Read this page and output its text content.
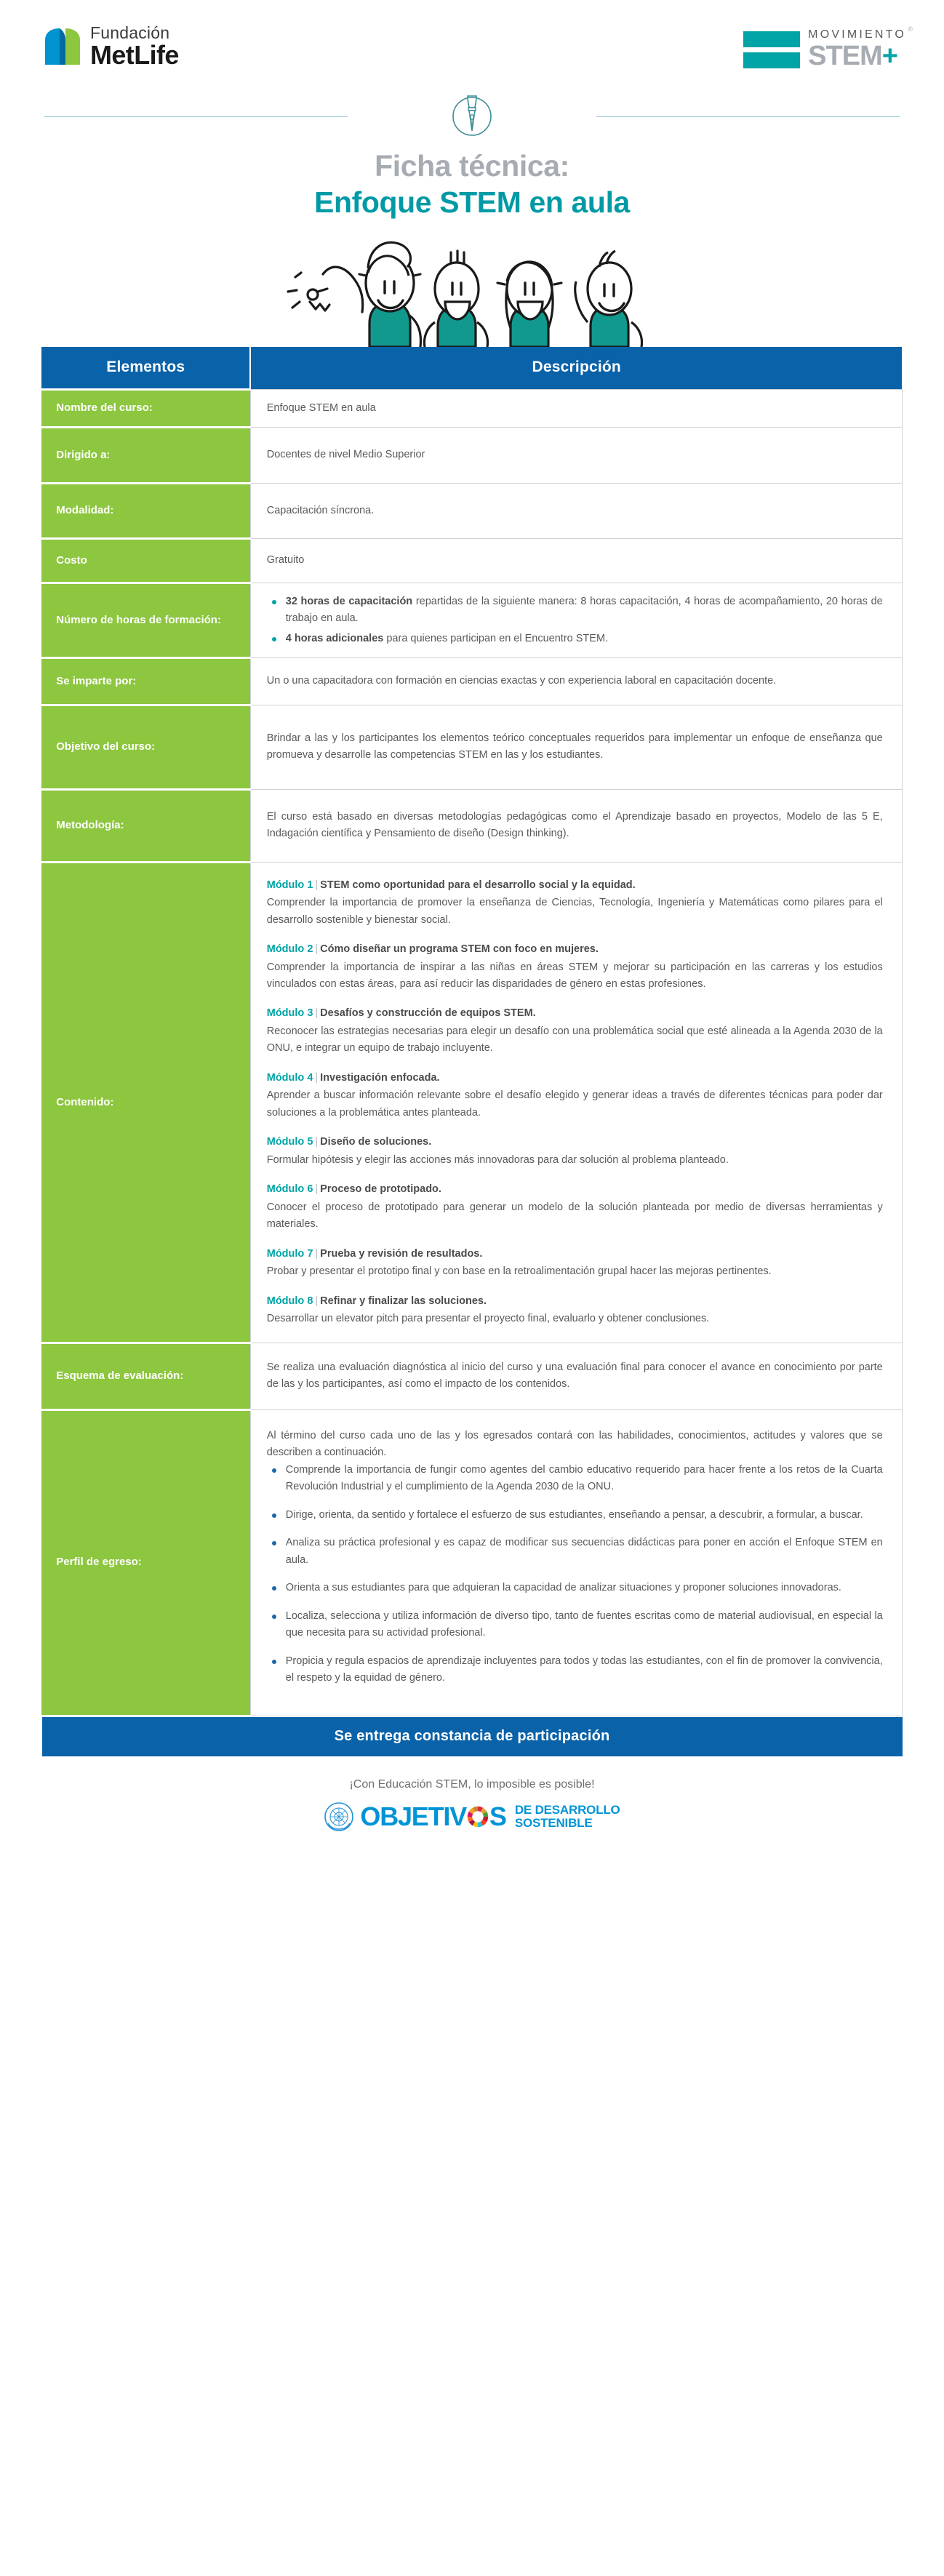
Fundación
MetLife
®
MOVIMIENTO
STEM +
Ficha técnica:
Enfoque STEM en aula
Elementos	Descripción
Nombre del curso:	Enfoque STEM en aula
Dirigido a:	Docentes de nivel Medio Superior
Modalidad:	Capacitación síncrona.
Costo	Gratuito
Número de horas de formación:	
32 horas de capacitación repartidas de la siguiente manera: 8 horas capacitación, 4 horas de acompañamiento, 20 horas de trabajo en aula.
4 horas adicionales para quienes participan en el Encuentro STEM.

Se imparte por:	Un o una capacitadora con formación en ciencias exactas y con experiencia laboral en capacitación docente.
Objetivo del curso:	Brindar a las y los participantes los elementos teórico conceptuales requeridos para implementar un enfoque de enseñanza que promueva y desarrolle las competencias STEM en las y los estudiantes.
Metodología:	El curso está basado en diversas metodologías pedagógicas como el Aprendizaje basado en proyectos, Modelo de las 5 E, Indagación científica y Pensamiento de diseño (Design thinking).
Contenido:	
Módulo 1 | STEM como oportunidad para el desarrollo social y la equidad.
Comprender la importancia de promover la enseñanza de Ciencias, Tecnología, Ingeniería y Matemáticas como pilares para el desarrollo sostenible y bienestar social.
Módulo 2 | Cómo diseñar un programa STEM con foco en mujeres.
Comprender la importancia de inspirar a las niñas en áreas STEM y mejorar su participación en las carreras y los estudios vinculados con estas áreas, para así reducir las disparidades de género en estas profesiones.
Módulo 3 | Desafíos y construcción de equipos STEM.
Reconocer las estrategias necesarias para elegir un desafío con una problemática social que esté alineada a la Agenda 2030 de la ONU, e integrar un equipo de trabajo incluyente.
Módulo 4 | Investigación enfocada.
Aprender a buscar información relevante sobre el desafío elegido y generar ideas a través de diferentes técnicas para poder dar soluciones a la problemática antes planteada.
Módulo 5 | Diseño de soluciones.
Formular hipótesis y elegir las acciones más innovadoras para dar solución al problema planteado.
Módulo 6 | Proceso de prototipado.
Conocer el proceso de prototipado para generar un modelo de la solución planteada por medio de diversas herramientas y materiales.
Módulo 7 | Prueba y revisión de resultados.
Probar y presentar el prototipo final y con base en la retroalimentación grupal hacer las mejoras pertinentes.
Módulo 8 | Refinar y finalizar las soluciones.
Desarrollar un elevator pitch para presentar el proyecto final, evaluarlo y obtener conclusiones.

Esquema de evaluación:	Se realiza una evaluación diagnóstica al inicio del curso y una evaluación final para conocer el avance en conocimiento por parte de las y los participantes, así como el impacto de los contenidos.
Perfil de egreso:	

Al término del curso cada uno de las y los egresados contará con las habilidades, conocimientos, actitudes y valores que se describen a continuación.

Comprende la importancia de fungir como agentes del cambio educativo requerido para hacer frente a los retos de la Cuarta Revolución Industrial y el cumplimiento de la Agenda 2030 de la ONU.
Dirige, orienta, da sentido y fortalece el esfuerzo de sus estudiantes, enseñando a pensar, a descubrir, a formular, a buscar.
Analiza su práctica profesional y es capaz de modificar sus secuencias didácticas para poner en acción el Enfoque STEM en aula.
Orienta a sus estudiantes para que adquieran la capacidad de analizar situaciones y proponer soluciones innovadoras.
Localiza, selecciona y utiliza información de diverso tipo, tanto de fuentes escritas como de material audiovisual, en especial la que necesita para su actividad profesional.
Propicia y regula espacios de aprendizaje incluyentes para todos y todas las estudiantes, con el fin de promover la convivencia, el respeto y la equidad de género.
Se entrega constancia de participación
¡Con Educación STEM, lo imposible es posible!
OBJETIV S DE DESARROLLO
SOSTENIBLE
